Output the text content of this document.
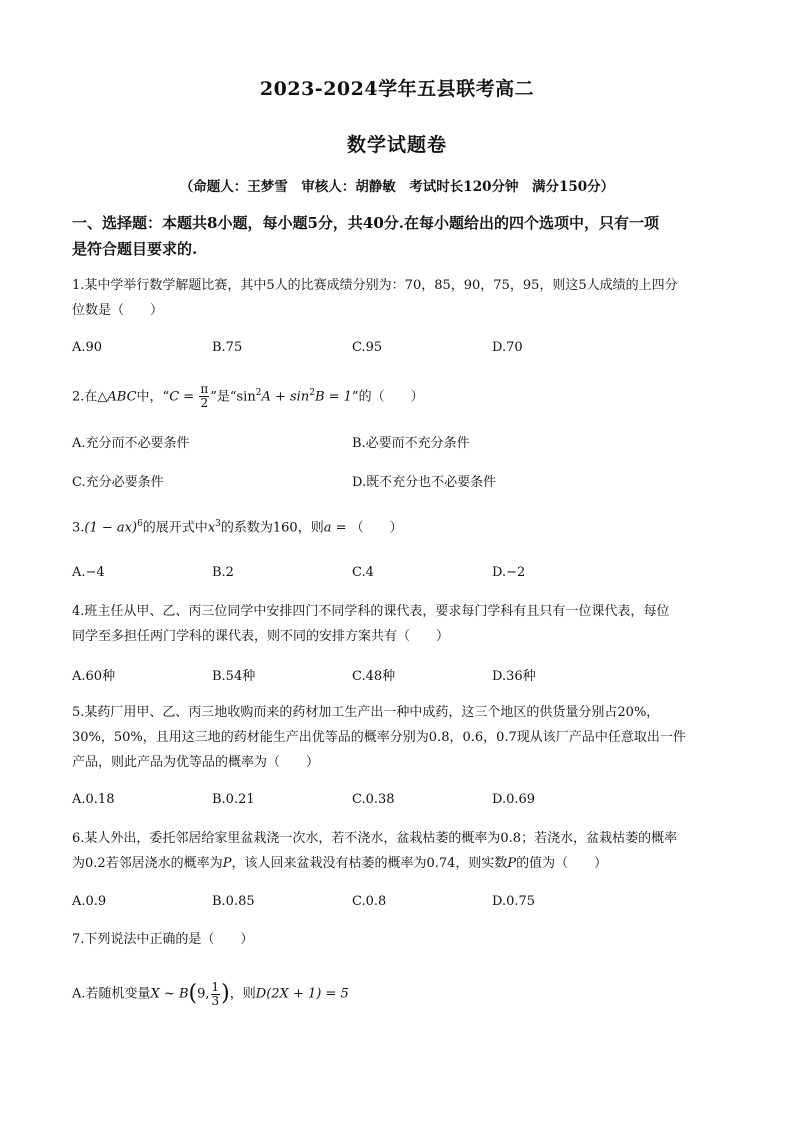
2023-2024学年五县联考高二
数学试题卷
（命题人：王梦雪　审核人：胡静敏　考试时长120分钟　满分150分）
一、选择题：本题共8小题，每小题5分，共40分.在每小题给出的四个选项中，只有一项
是符合题目要求的.
1.某中学举行数学解题比赛，其中5人的比赛成绩分别为：70，85，90，75，95，则这5人成绩的上四分
位数是（　　）
A.90	B.75	C.95	D.70
2.在△ABC中，“$C = \frac{\pi}{2}$ ”是“$\sin^2A + \sin^2B = 1$”的（　　）
A.充分而不必要条件	B.必要而不充分条件
C.充分必要条件	D.既不充分也不必要条件
3.(1 − ax)$^6$的展开式中$x^3$的系数为160，则a = （　　）
A.−4	B.2	C.4	D.−2
4.班主任从甲、乙、丙三位同学中安排四门不同学科的课代表，要求每门学科有且只有一位课代表，每位
同学至多担任两门学科的课代表，则不同的安排方案共有（　　）
A.60种	B.54种	C.48种	D.36种
5.某药厂用甲、乙、丙三地收购而来的药材加工生产出一种中成药，这三个地区的供货量分别占20%，
30%，50%，且用这三地的药材能生产出优等品的概率分别为0.8，0.6，0.7现从该厂产品中任意取出一件
产品，则此产品为优等品的概率为（　　）
A.0.18	B.0.21	C.0.38	D.0.69
6.某人外出，委托邻居给家里盆栽浇一次水，若不浇水，盆栽枯萎的概率为0.8；若浇水，盆栽枯萎的概率
为0.2若邻居浇水的概率为P，该人回来盆栽没有枯萎的概率为0.74，则实数P的值为（　　）
A.0.9	B.0.85	C.0.8	D.0.75
7.下列说法中正确的是（　　）
A.若随机变量X ~ B(9, $\frac{1}{3}$ )，则D(2X + 1) = 5
